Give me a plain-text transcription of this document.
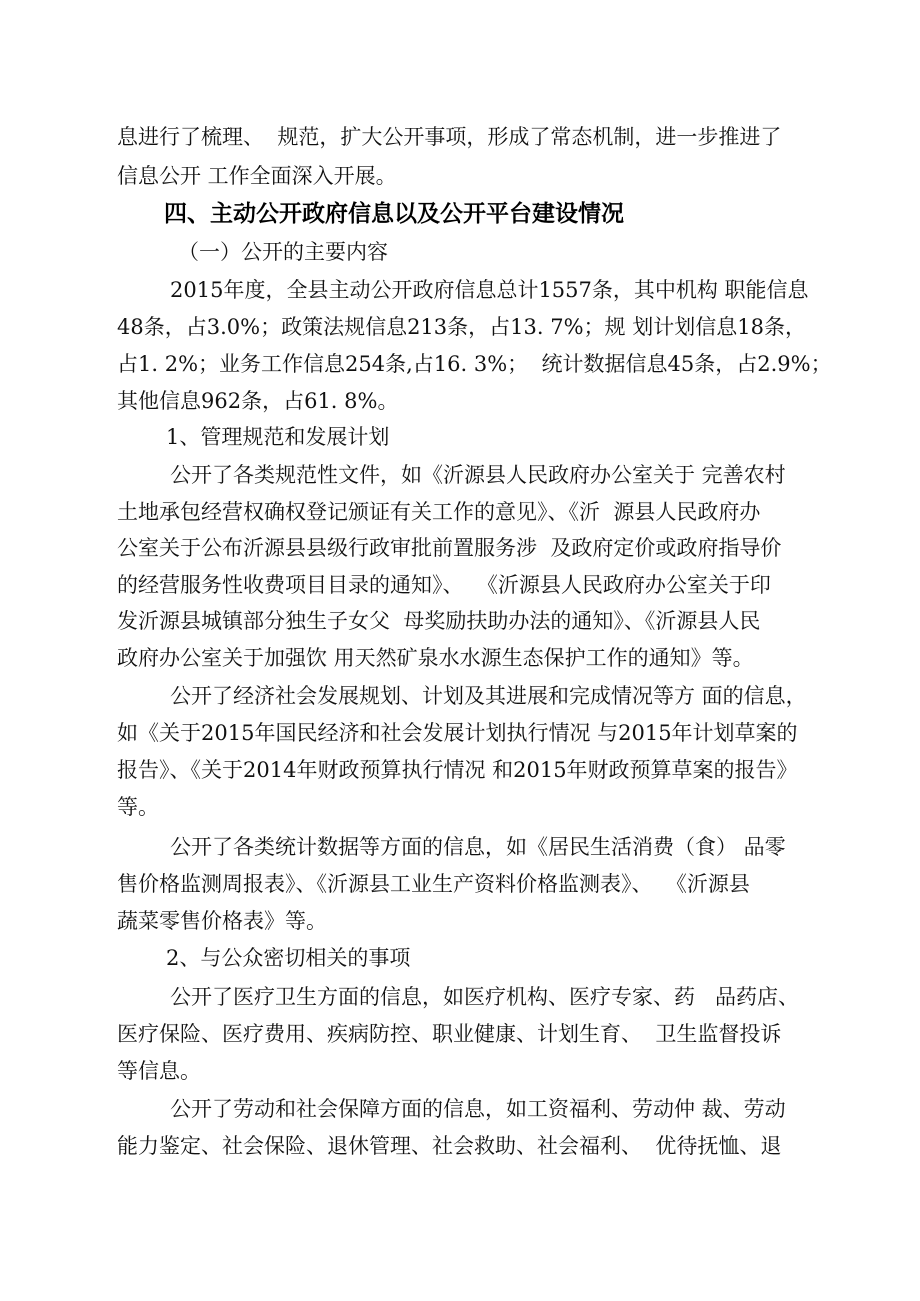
息进行了梳理、  规范，扩大公开事项，形成了常态机制，进一步推进了

信息公开 工作全面深入开展。

四、主动公开政府信息以及公开平台建设情况

（一）公开的主要内容

2015年度，全县主动公开政府信息总计1557条，其中机构 职能信息

48条，占3.0%；政策法规信息213条，占13. 7%；规 划计划信息18条，

占1. 2%；业务工作信息254条,占16. 3%；  统计数据信息45条，占2.9%；

其他信息962条，占61. 8%。

1、管理规范和发展计划

公开了各类规范性文件，如《沂源县人民政府办公室关于 完善农村

土地承包经营权确权登记颁证有关工作的意见》、《沂  源县人民政府办

公室关于公布沂源县县级行政审批前置服务涉  及政府定价或政府指导价

的经营服务性收费项目目录的通知》、  《沂源县人民政府办公室关于印

发沂源县城镇部分独生子女父  母奖励扶助办法的通知》、《沂源县人民

政府办公室关于加强饮 用天然矿泉水水源生态保护工作的通知》等。

公开了经济社会发展规划、计划及其进展和完成情况等方 面的信息，

如《关于2015年国民经济和社会发展计划执行情况 与2015年计划草案的

报告》、《关于2014年财政预算执行情况 和2015年财政预算草案的报告》

等。

公开了各类统计数据等方面的信息，如《居民生活消费（食） 品零

售价格监测周报表》、《沂源县工业生产资料价格监测表》、  《沂源县

蔬菜零售价格表》等。

2、与公众密切相关的事项

公开了医疗卫生方面的信息，如医疗机构、医疗专家、药   品药店、

医疗保险、医疗费用、疾病防控、职业健康、计划生育、  卫生监督投诉

等信息。

公开了劳动和社会保障方面的信息，如工资福利、劳动仲 裁、劳动

能力鉴定、社会保险、退休管理、社会救助、社会福利、  优待抚恤、退
